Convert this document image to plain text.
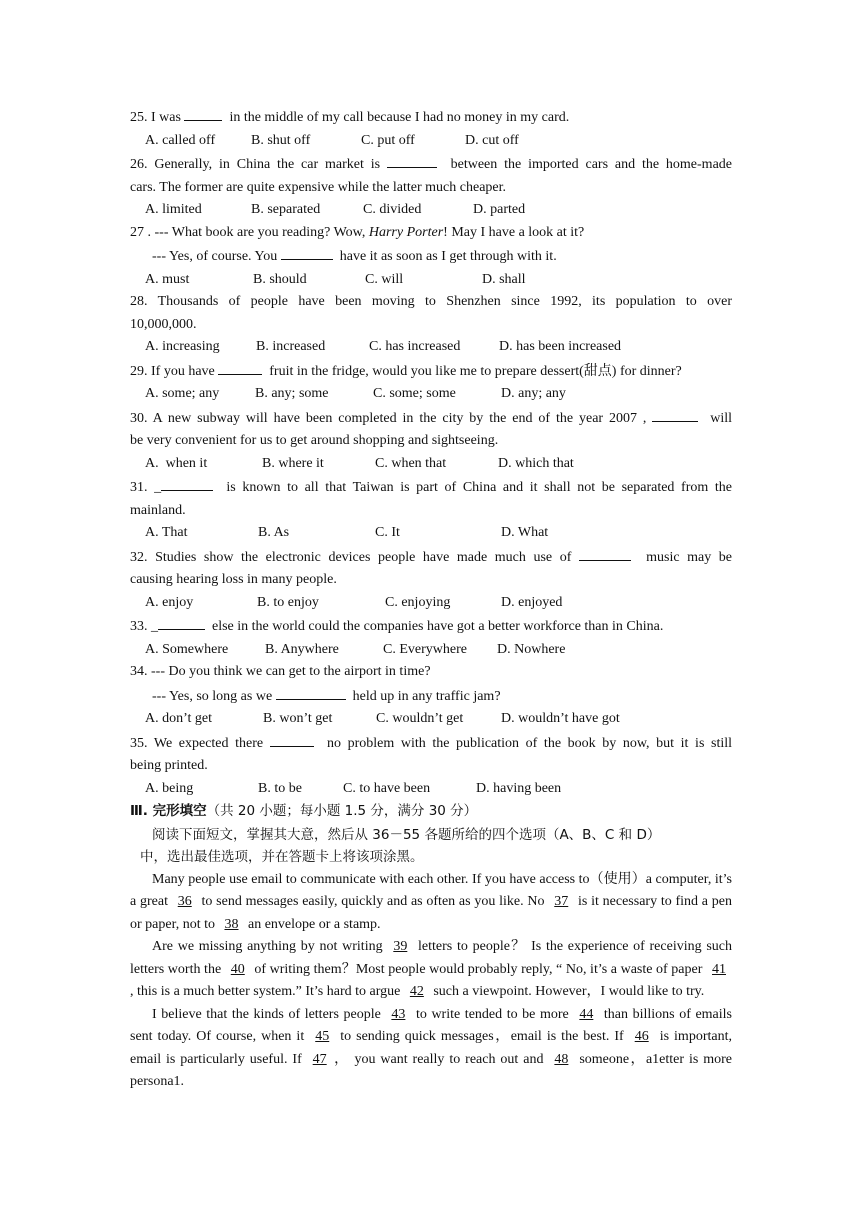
25. I was	in the middle of my call because I had no money in my card.

A. called off	B. shut off	C. put off	D. cut off

26. Generally, in China the car market is	between the imported cars and the home-made

cars. The former are quite expensive while the latter much cheaper.

A. limited	B. separated	C. divided	D. parted

27 . --- What book are you reading? Wow, Harry Porter! May I have a look at it?

--- Yes, of course. You	have it as soon as I get through with it.

A. must	B. should	C. will	D. shall

28. Thousands of people have been moving to Shenzhen since 1992, its population to over

10,000,000.

A. increasing	B. increased	C. has increased	D. has been increased

29. If you have	fruit in the fridge, would you like me to prepare dessert(甜点) for dinner?

A. some; any	B. any; some	C. some; some	D. any; any

30. A new subway will have been completed in the city by the end of the year 2007 ,	will

be very convenient for us to get around shopping and sightseeing.

A.  when it	B. where it	C. when that	D. which that

31. _	is known to all that Taiwan is part of China and it shall not be separated from the

mainland.

A. That	B. As	C. It	D. What

32. Studies show the electronic devices people have made much use of	music may be

causing hearing loss in many people.

A. enjoy	B. to enjoy	C. enjoying	D. enjoyed

33. _	else in the world could the companies have got a better workforce than in China.

A. Somewhere	B. Anywhere	C. Everywhere D. Nowhere

34. --- Do you think we can get to the airport in time?

--- Yes, so long as we	held up in any traffic jam?

A. don’t get	B. won’t get	C. wouldn’t get	D. wouldn’t have got

35. We expected there	no problem with the publication of the book by now, but it is still

being printed.

A. being	B. to be	C. to have been	D. having been

Ⅲ. 完形填空（共 20 小题；每小题 1.5 分，满分 30 分）

阅读下面短文，掌握其大意，然后从 36－55 各题所给的四个选项（A、B、C 和 D）

中，选出最佳选项，并在答题卡上将该项涂黑。

Many people use email to communicate with each other. If you have access to（使用）a computer, it’s a great 36 to send messages easily, quickly and as often as you like. No 37 is it necessary to find a pen or paper, not to 38 an envelope or a stamp.

Are we missing anything by not writing 39 letters to people？ Is the experience of receiving such letters worth the 40 of writing them？Most people would probably reply, “ No, it’s a waste of paper 41 , this is a much better system.” It’s hard to argue 42 such a viewpoint. However，I would like to try.

I believe that the kinds of letters people 43 to write tended to be more 44 than billions of emails sent today. Of course, when it 45 to sending quick messages，email is the best. If 46 is important, email is particularly useful. If 47 ， you want really to reach out and 48 someone，a1etter is more persona1.
